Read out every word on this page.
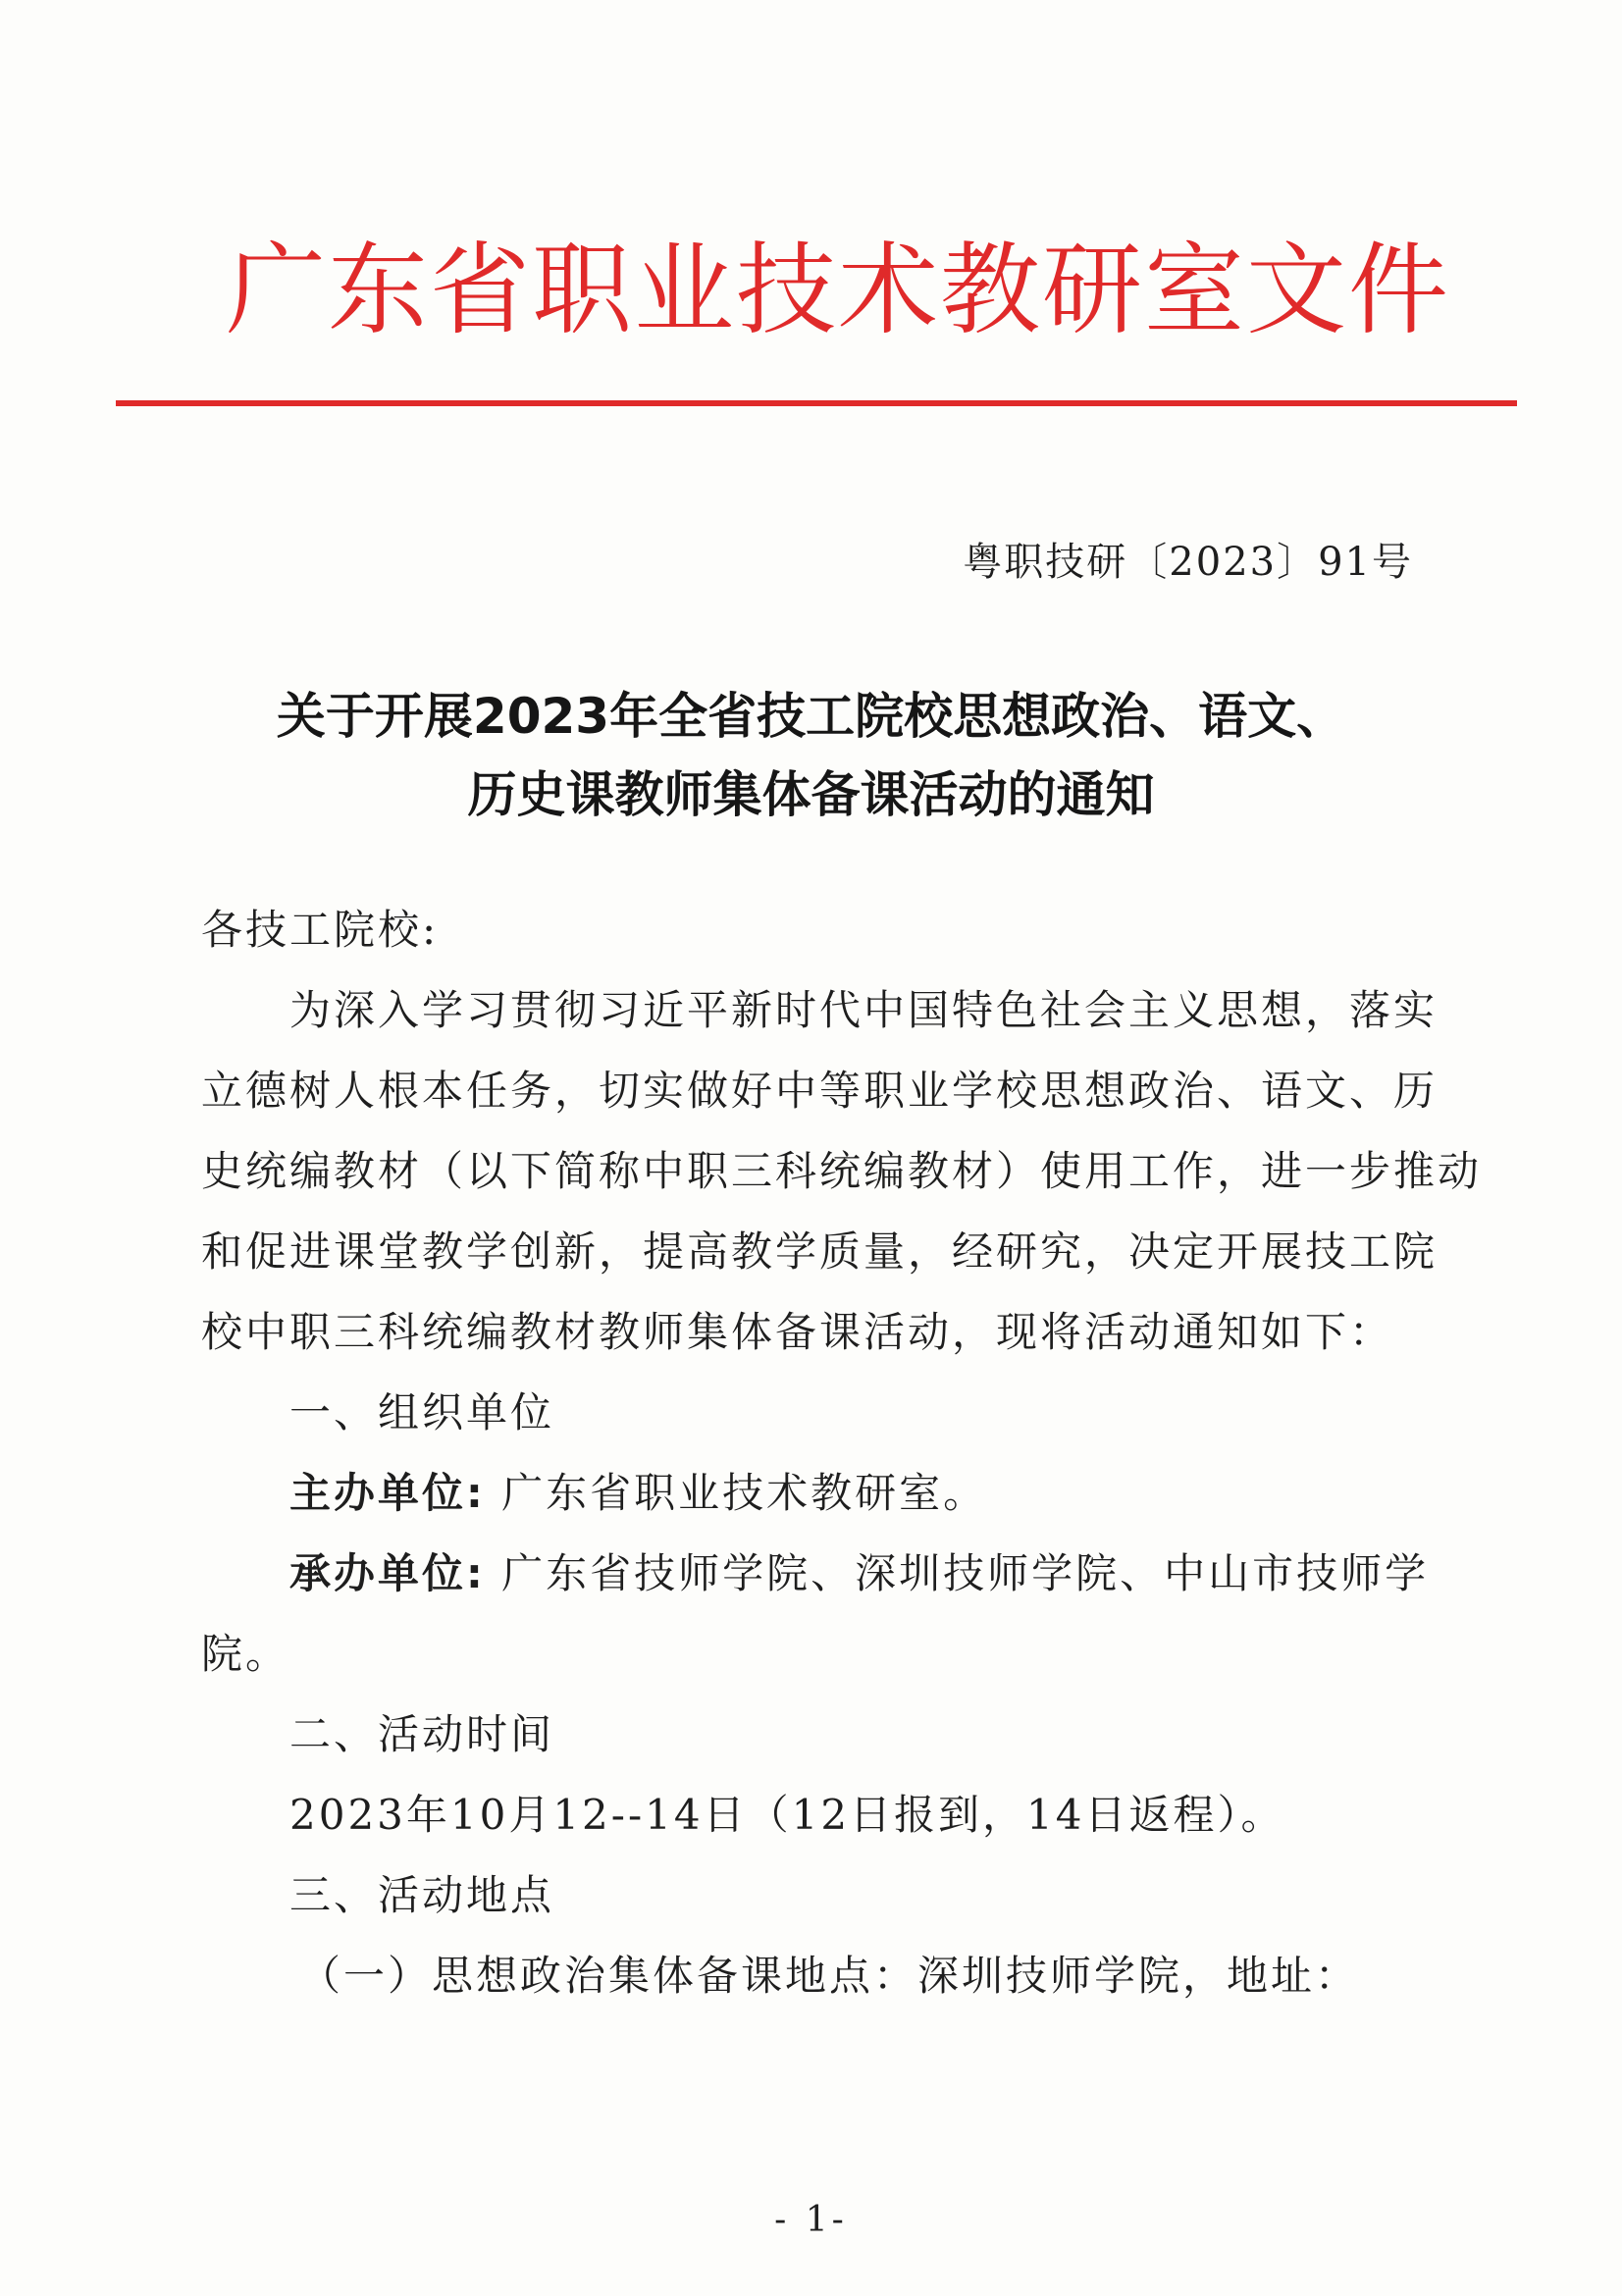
广东省职业技术教研室文件
粤职技研〔2023〕91号
关于开展2023年全省技工院校思想政治、语文、
历史课教师集体备课活动的通知
各技工院校:
为深入学习贯彻习近平新时代中国特色社会主义思想，落实
立德树人根本任务，切实做好中等职业学校思想政治、语文、历
史统编教材（以下简称中职三科统编教材）使用工作，进一步推动
和促进课堂教学创新，提高教学质量，经研究，决定开展技工院
校中职三科统编教材教师集体备课活动，现将活动通知如下：
一、组织单位
主办单位: 广东省职业技术教研室。
承办单位: 广东省技师学院、深圳技师学院、中山市技师学
院。
二、活动时间
2023年10月12--14日（12日报到，14日返程）。
三、活动地点
（一）思想政治集体备课地点：深圳技师学院，地址：
- 1-
